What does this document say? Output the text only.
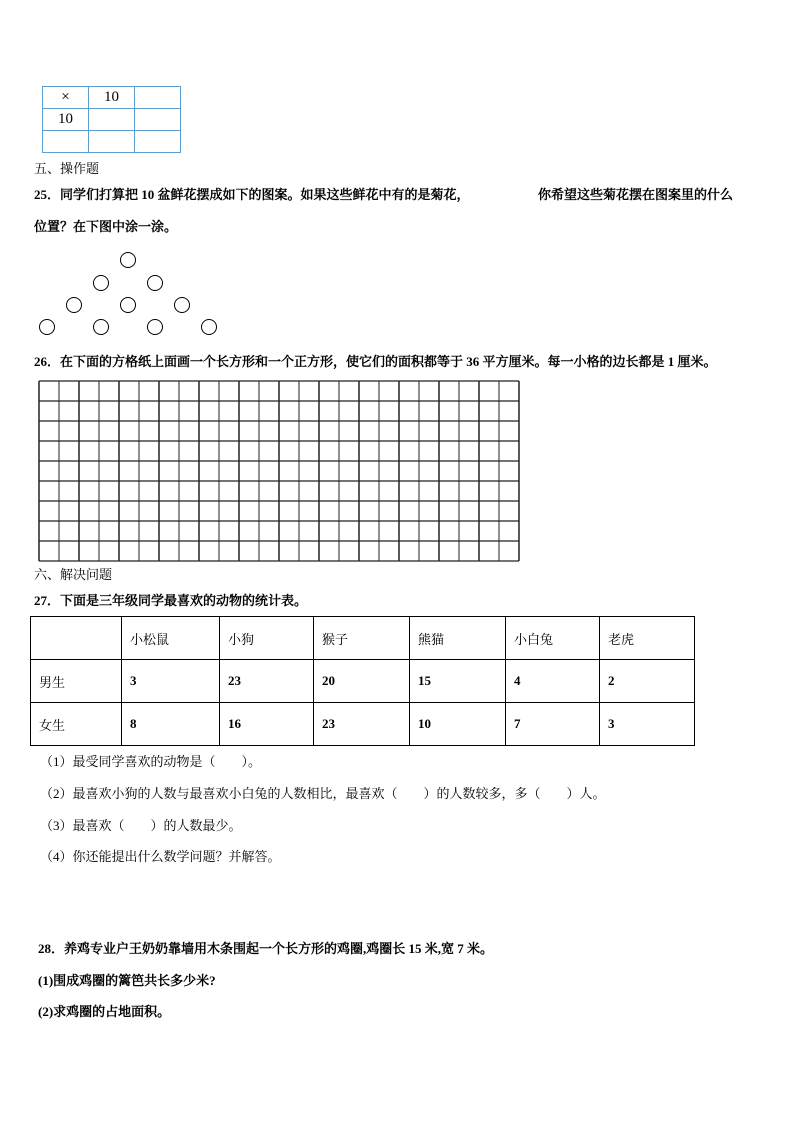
×	10	
10		

五、操作题
25．同学们打算把 10 盆鲜花摆成如下的图案。如果这些鲜花中有的是菊花，	你希望这些菊花摆在图案里的什么
位置？在下图中涂一涂。
26．在下面的方格纸上面画一个长方形和一个正方形，使它们的面积都等于 36 平方厘米。每一小格的边长都是 1 厘米。
六、解决问题
27．下面是三年级同学最喜欢的动物的统计表。
	小松鼠	小狗	猴子	熊猫	小白兔	老虎
男生	3	23	20	15	4	2
女生	8	16	23	10	7	3
（1）最受同学喜欢的动物是（　　）。
（2）最喜欢小狗的人数与最喜欢小白兔的人数相比，最喜欢（　　）的人数较多，多（　　）人。
（3）最喜欢（　　）的人数最少。
（4）你还能提出什么数学问题？并解答。
28．养鸡专业户王奶奶靠墙用木条围起一个长方形的鸡圈,鸡圈长 15 米,宽 7 米。
(1)围成鸡圈的篱笆共长多少米?
(2)求鸡圈的占地面积。
